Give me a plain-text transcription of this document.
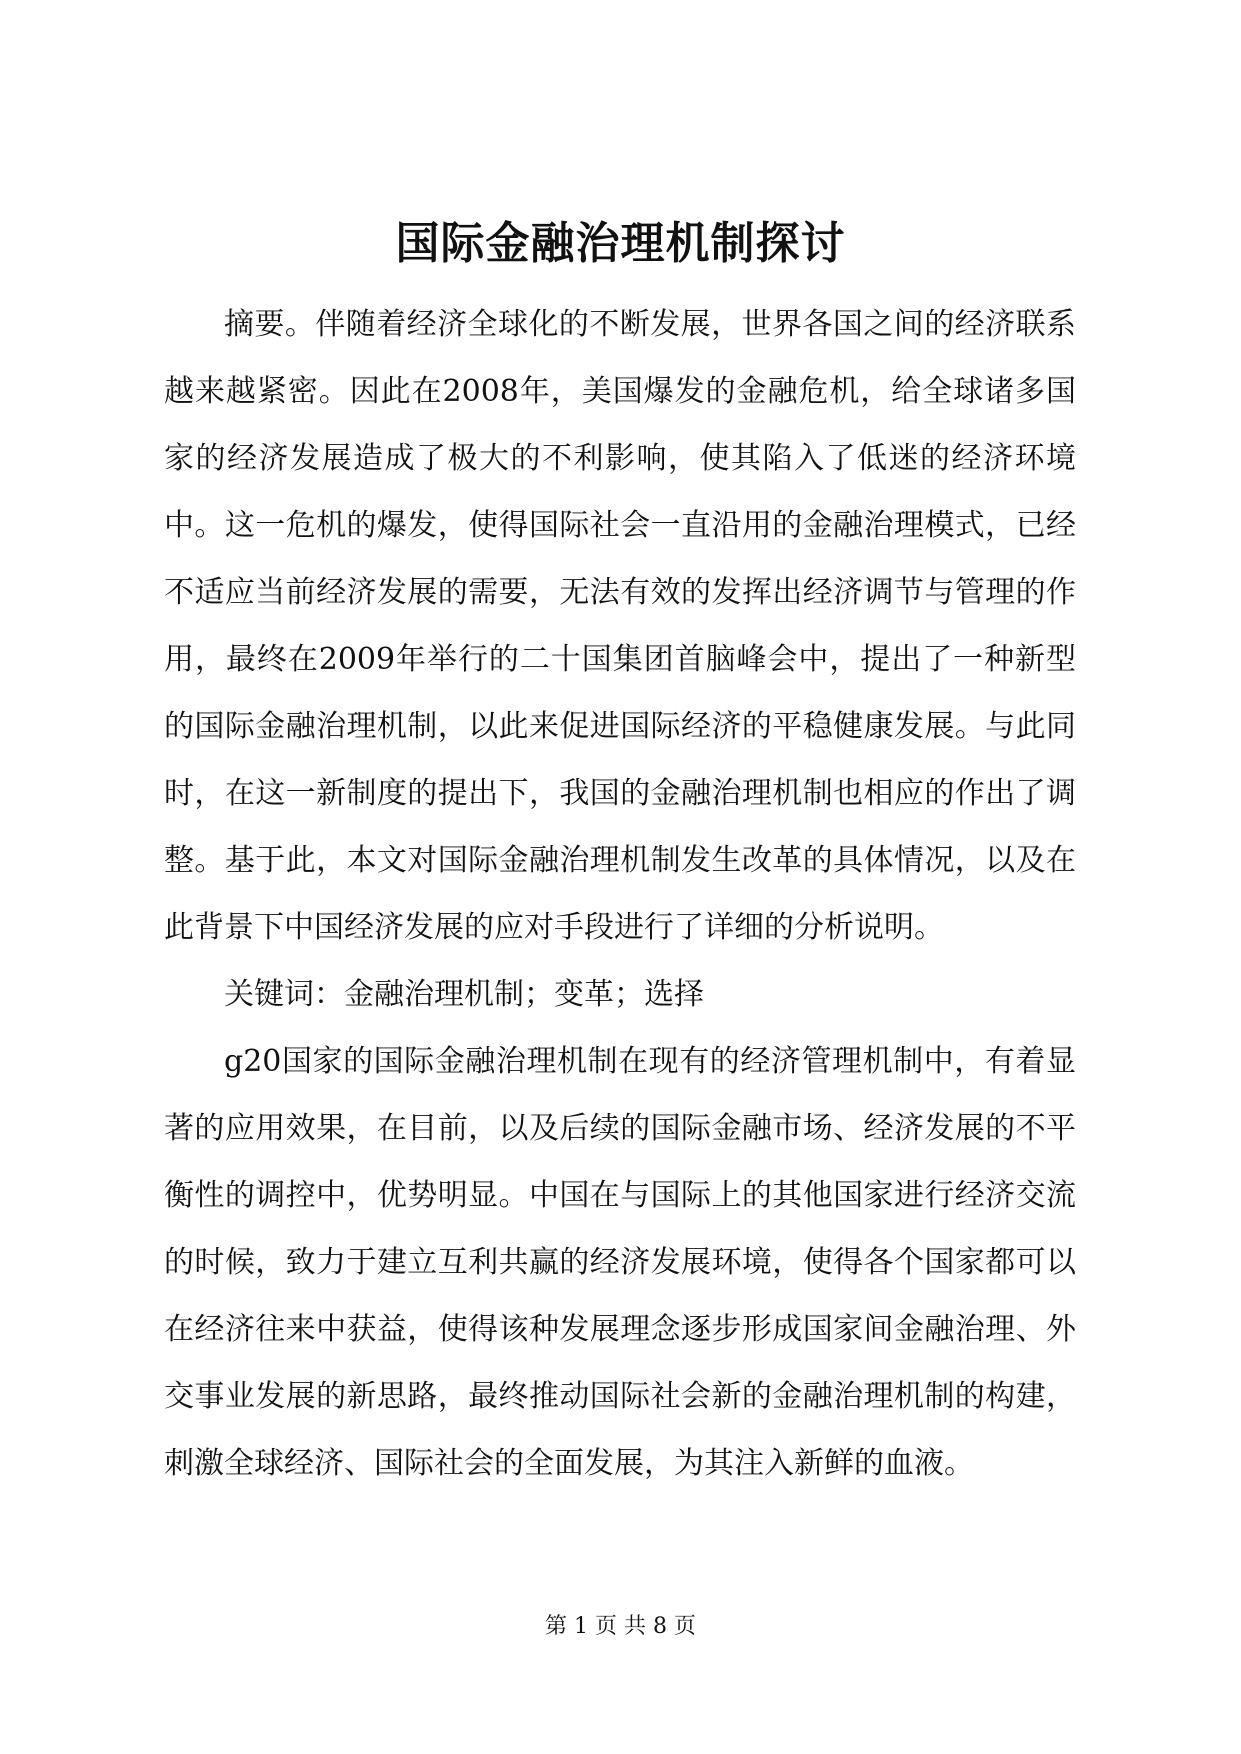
国际金融治理机制探讨

摘要。伴随着经济全球化的不断发展，世界各国之间的经济联系越来越紧密。因此在2008年，美国爆发的金融危机，给全球诸多国家的经济发展造成了极大的不利影响，使其陷入了低迷的经济环境中。这一危机的爆发，使得国际社会一直沿用的金融治理模式，已经不适应当前经济发展的需要，无法有效的发挥出经济调节与管理的作用，最终在2009年举行的二十国集团首脑峰会中，提出了一种新型的国际金融治理机制，以此来促进国际经济的平稳健康发展。与此同时，在这一新制度的提出下，我国的金融治理机制也相应的作出了调整。基于此，本文对国际金融治理机制发生改革的具体情况，以及在此背景下中国经济发展的应对手段进行了详细的分析说明。

关键词：金融治理机制；变革；选择

g20国家的国际金融治理机制在现有的经济管理机制中，有着显著的应用效果，在目前，以及后续的国际金融市场、经济发展的不平衡性的调控中，优势明显。中国在与国际上的其他国家进行经济交流的时候，致力于建立互利共赢的经济发展环境，使得各个国家都可以在经济往来中获益，使得该种发展理念逐步形成国家间金融治理、外交事业发展的新思路，最终推动国际社会新的金融治理机制的构建，刺激全球经济、国际社会的全面发展，为其注入新鲜的血液。

第 1 页 共 8 页
